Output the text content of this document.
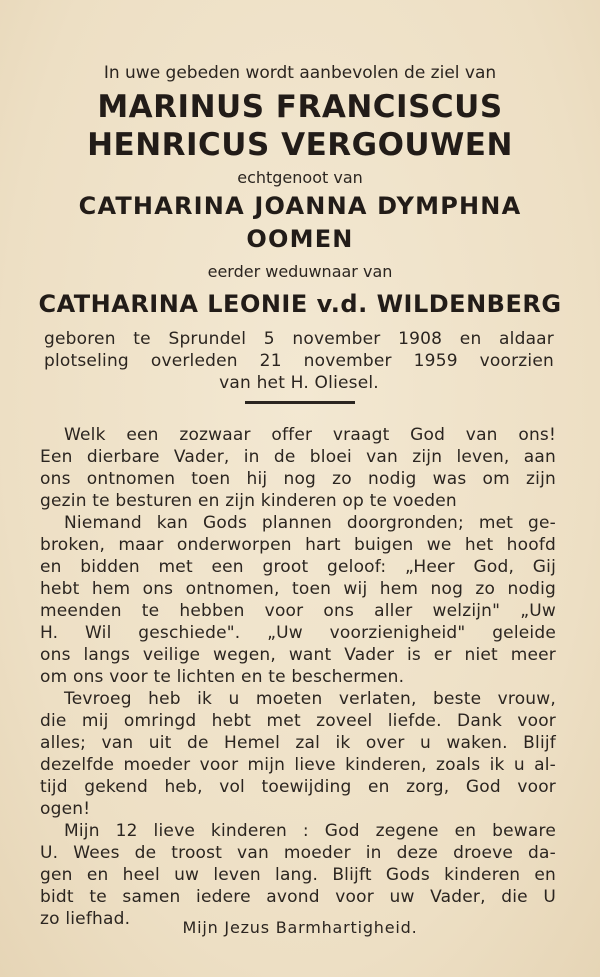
In uwe gebeden wordt aanbevolen de ziel van
MARINUS FRANCISCUS
HENRICUS VERGOUWEN
echtgenoot van
CATHARINA JOANNA DYMPHNA
OOMEN
eerder weduwnaar van
CATHARINA LEONIE v.d. WILDENBERG
geboren te Sprundel 5 november 1908 en aldaar
plotseling overleden 21 november 1959 voorzien
van het H. Oliesel.
Welk een zozwaar offer vraagt God van ons!
Een dierbare Vader, in de bloei van zijn leven, aan
ons ontnomen toen hij nog zo nodig was om zijn
gezin te besturen en zijn kinderen op te voeden
Niemand kan Gods plannen doorgronden; met ge-
broken, maar onderworpen hart buigen we het hoofd
en bidden met een groot geloof: „Heer God, Gij
hebt hem ons ontnomen, toen wij hem nog zo nodig
meenden te hebben voor ons aller welzijn" „Uw
H. Wil geschiede". „Uw voorzienigheid" geleide
ons langs veilige wegen, want Vader is er niet meer
om ons voor te lichten en te beschermen.
Tevroeg heb ik u moeten verlaten, beste vrouw,
die mij omringd hebt met zoveel liefde. Dank voor
alles; van uit de Hemel zal ik over u waken. Blijf
dezelfde moeder voor mijn lieve kinderen, zoals ik u al-
tijd gekend heb, vol toewijding en zorg, God voor
ogen!
Mijn 12 lieve kinderen : God zegene en beware
U. Wees de troost van moeder in deze droeve da-
gen en heel uw leven lang. Blijft Gods kinderen en
bidt te samen iedere avond voor uw Vader, die U
zo liefhad.	Mijn Jezus Barmhartigheid.
